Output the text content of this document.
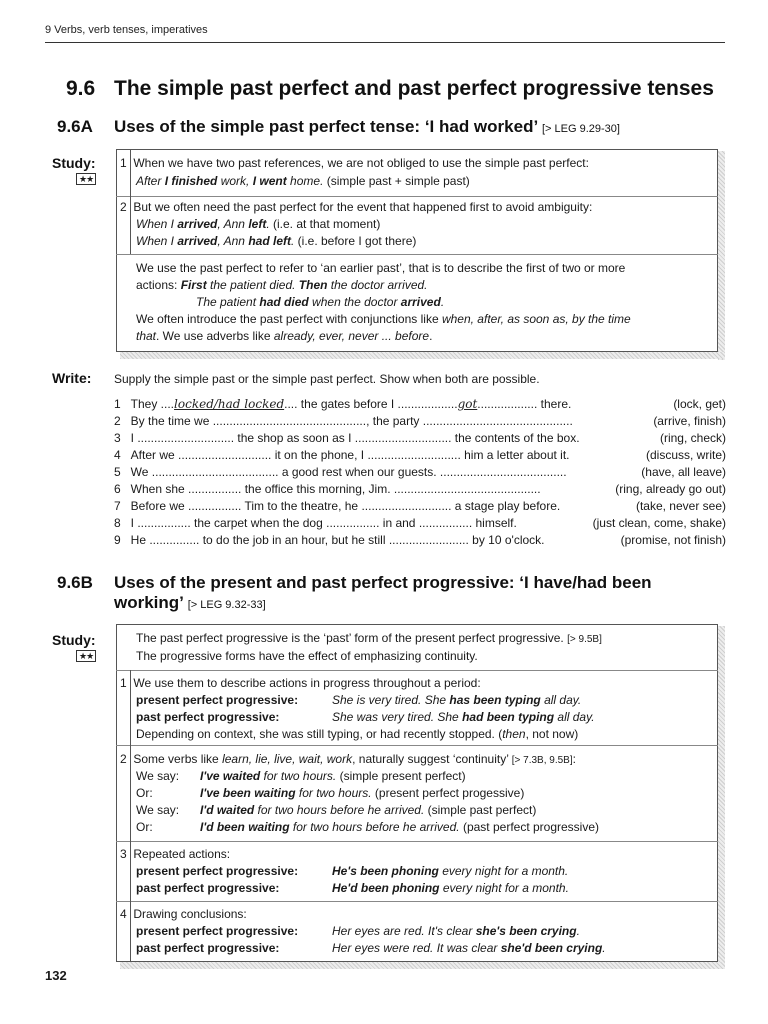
9 Verbs, verb tenses, imperatives
9.6 The simple past perfect and past perfect progressive tenses
9.6A Uses of the simple past perfect tense: ‘I had worked’ [> LEG 9.29-30]
Study:
★★
1 When we have two past references, we are not obliged to use the simple past perfect:
After I finished work, I went home. (simple past + simple past)
2 But we often need the past perfect for the event that happened first to avoid ambiguity:
When I arrived, Ann left. (i.e. at that moment)
When I arrived, Ann had left. (i.e. before I got there)
We use the past perfect to refer to ‘an earlier past’, that is to describe the first of two or more
actions: First the patient died. Then the doctor arrived.
The patient had died when the doctor arrived.
We often introduce the past perfect with conjunctions like when, after, as soon as, by the time
that. We use adverbs like already, ever, never ... before.
Write: Supply the simple past or the simple past perfect. Show when both are possible.
1 They ....locked/had locked.... the gates before I ..................got.................. there.	(lock, get)
2 By the time we .............................................., the party .............................................	(arrive, finish)
3 I ............................. the shop as soon as I ............................. the contents of the box.	(ring, check)
4 After we ............................ it on the phone, I ............................ him a letter about it.	(discuss, write)
5 We ...................................... a good rest when our guests. ......................................	(have, all leave)
6 When she ................ the office this morning, Jim. ............................................	(ring, already go out)
7 Before we ................ Tim to the theatre, he ........................... a stage play before.	(take, never see)
8 I ................ the carpet when the dog ................ in and ................ himself.	(just clean, come, shake)
9 He ............... to do the job in an hour, but he still ........................ by 10 o'clock.	(promise, not finish)
9.6B Uses of the present and past perfect progressive: ‘I have/had been
working’ [> LEG 9.32-33]
Study:
★★
The past perfect progressive is the ‘past’ form of the present perfect progressive. [> 9.5B]
The progressive forms have the effect of emphasizing continuity.
1 We use them to describe actions in progress throughout a period:
present perfect progressive:	She is very tired. She has been typing all day.
past perfect progressive:	She was very tired. She had been typing all day.
Depending on context, she was still typing, or had recently stopped. (then, not now)
2 Some verbs like learn, lie, live, wait, work, naturally suggest ‘continuity’ [> 7.3B, 9.5B]:
We say: I've waited for two hours. (simple present perfect)
Or:	I've been waiting for two hours. (present perfect progessive)
We say: I'd waited for two hours before he arrived. (simple past perfect)
Or:	I'd been waiting for two hours before he arrived. (past perfect progressive)
3 Repeated actions:
present perfect progressive:	He's been phoning every night for a month.
past perfect progressive:	He'd been phoning every night for a month.
4 Drawing conclusions:
present perfect progressive:	Her eyes are red. It's clear she's been crying.
past perfect progressive:	Her eyes were red. It was clear she'd been crying.
132
